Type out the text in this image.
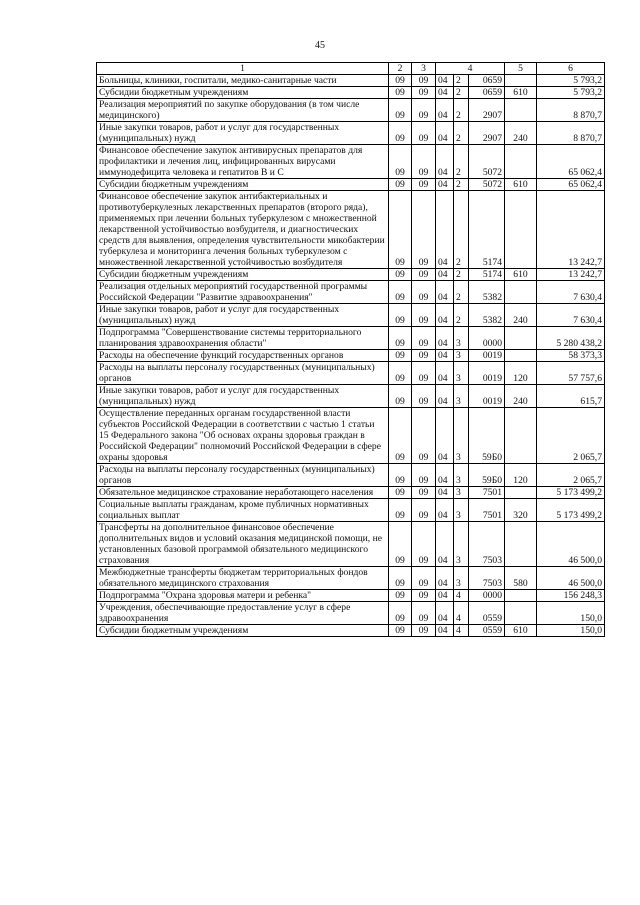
45
1	2	3	4			5	6
Больницы, клиники, госпитали, медико-санитарные части	09	09	04	2	0659		5 793,2
Субсидии бюджетным учреждениям	09	09	04	2	0659	610	5 793,2
Реализация мероприятий по закупке оборудования (в том числе медицинского)	09	09	04	2	2907		8 870,7
Иные закупки товаров, работ и услуг для государственных (муниципальных) нужд	09	09	04	2	2907	240	8 870,7
Финансовое обеспечение закупок антивирусных препаратов для профилактики и лечения лиц, инфицированных вирусами иммунодефицита человека и гепатитов В и С	09	09	04	2	5072		65 062,4
Субсидии бюджетным учреждениям	09	09	04	2	5072	610	65 062,4
Финансовое обеспечение закупок антибактериальных и противотуберкулезных лекарственных препаратов (второго ряда), применяемых при лечении больных туберкулезом с множественной лекарственной устойчивостью возбудителя, и диагностических средств для выявления, определения чувствительности микобактерии туберкулеза и мониторинга лечения больных туберкулезом с множественной лекарственной устойчивостью возбудителя	09	09	04	2	5174		13 242,7
Субсидии бюджетным учреждениям	09	09	04	2	5174	610	13 242,7
Реализация отдельных мероприятий государственной программы Российской Федерации "Развитие здравоохранения"	09	09	04	2	5382		7 630,4
Иные закупки товаров, работ и услуг для государственных (муниципальных) нужд	09	09	04	2	5382	240	7 630,4
Подпрограмма "Совершенствование системы территориального планирования здравоохранения области"	09	09	04	3	0000		5 280 438,2
Расходы на обеспечение функций государственных органов	09	09	04	3	0019		58 373,3
Расходы на выплаты персоналу государственных (муниципальных) органов	09	09	04	3	0019	120	57 757,6
Иные закупки товаров, работ и услуг для государственных (муниципальных) нужд	09	09	04	3	0019	240	615,7
Осуществление переданных органам государственной власти субъектов Российской Федерации в соответствии с частью 1 статьи 15 Федерального закона "Об основах охраны здоровья граждан в Российской Федерации" полномочий Российской Федерации в сфере охраны здоровья	09	09	04	3	59Б0		2 065,7
Расходы на выплаты персоналу государственных (муниципальных) органов	09	09	04	3	59Б0	120	2 065,7
Обязательное медицинское страхование неработающего населения	09	09	04	3	7501		5 173 499,2
Социальные выплаты гражданам, кроме публичных нормативных социальных выплат	09	09	04	3	7501	320	5 173 499,2
Трансферты на дополнительное финансовое обеспечение дополнительных видов и условий оказания медицинской помощи, не установленных базовой программой обязательного медицинского страхования	09	09	04	3	7503		46 500,0
Межбюджетные трансферты бюджетам территориальных фондов обязательного медицинского страхования	09	09	04	3	7503	580	46 500,0
Подпрограмма "Охрана здоровья матери и ребенка"	09	09	04	4	0000		156 248,3
Учреждения, обеспечивающие предоставление услуг в сфере здравоохранения	09	09	04	4	0559		150,0
Субсидии бюджетным учреждениям	09	09	04	4	0559	610	150,0
